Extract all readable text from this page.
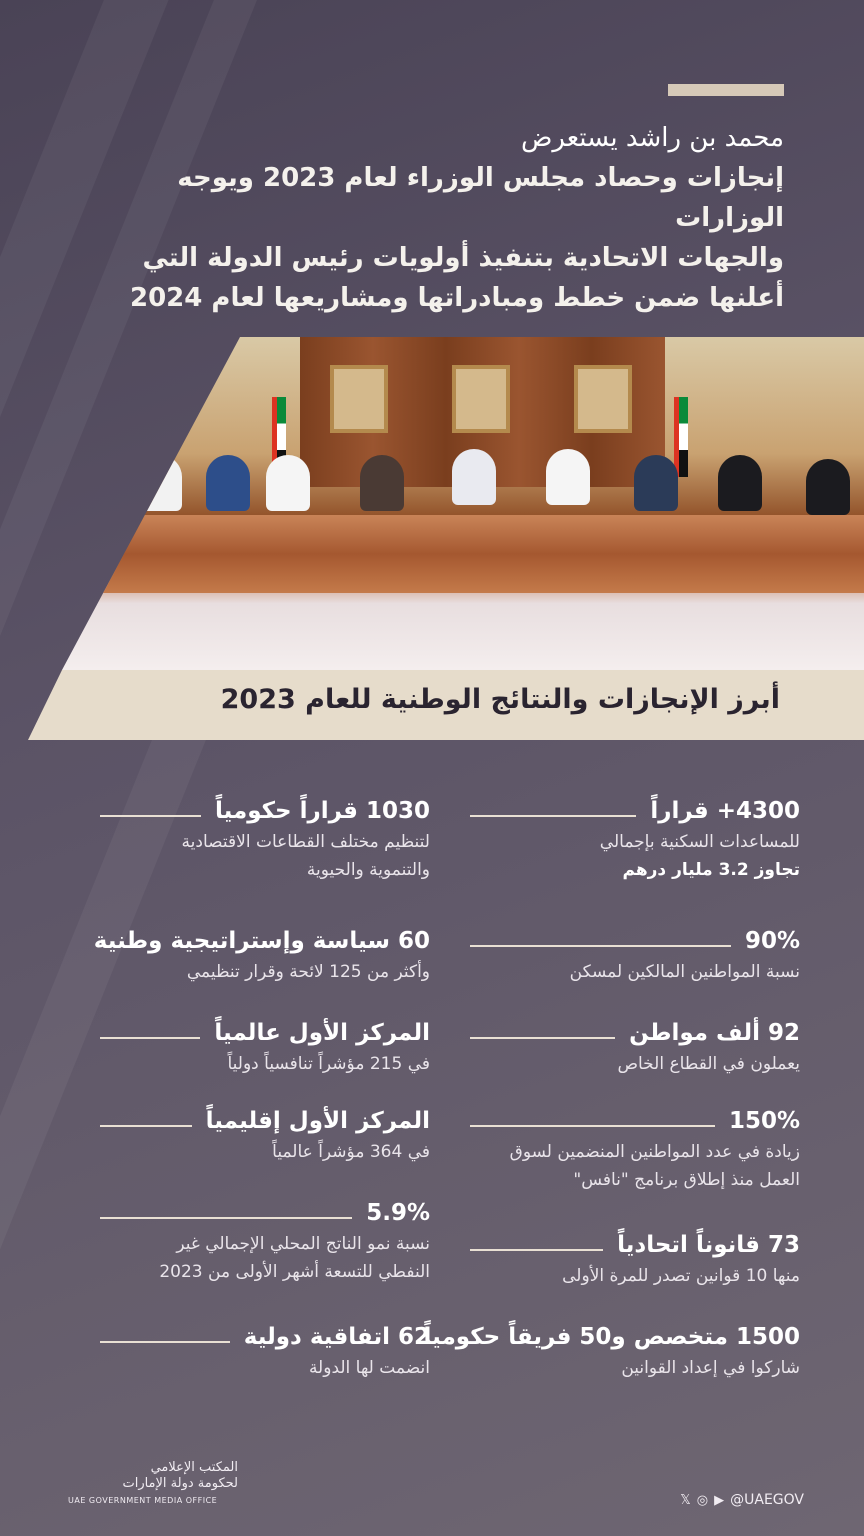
محمد بن راشد يستعرض
إنجازات وحصاد مجلس الوزراء لعام 2023 ويوجه الوزارات
والجهات الاتحادية بتنفيذ أولويات رئيس الدولة التي
أعلنها ضمن خطط ومبادراتها ومشاريعها لعام 2024
أبرز الإنجازات والنتائج الوطنية للعام 2023
4300+ قراراً
للمساعدات السكنية بإجمالي
تجاوز 3.2 مليار درهم
90%
نسبة المواطنين المالكين لمسكن
92 ألف مواطن
يعملون في القطاع الخاص
150%
زيادة في عدد المواطنين المنضمين لسوق
العمل منذ إطلاق برنامج "نافس"
73 قانوناً اتحادياً
منها 10 قوانين تصدر للمرة الأولى
1500 متخصص و50 فريقاً حكومياً
شاركوا في إعداد القوانين
1030 قراراً حكومياً
لتنظيم مختلف القطاعات الاقتصادية
والتنموية والحيوية
60 سياسة وإستراتيجية وطنية
وأكثر من 125 لائحة وقرار تنظيمي
المركز الأول عالمياً
في 215 مؤشراً تنافسياً دولياً
المركز الأول إقليمياً
في 364 مؤشراً عالمياً
5.9%
نسبة نمو الناتج المحلي الإجمالي غير
النفطي للتسعة أشهر الأولى من 2023
62 اتفاقية دولية
انضمت لها الدولة
المكتب الإعلامي
لحكومة دولة الإمارات
UAE GOVERNMENT MEDIA OFFICE	𝕏 ◎ ▶ @UAEGOV
